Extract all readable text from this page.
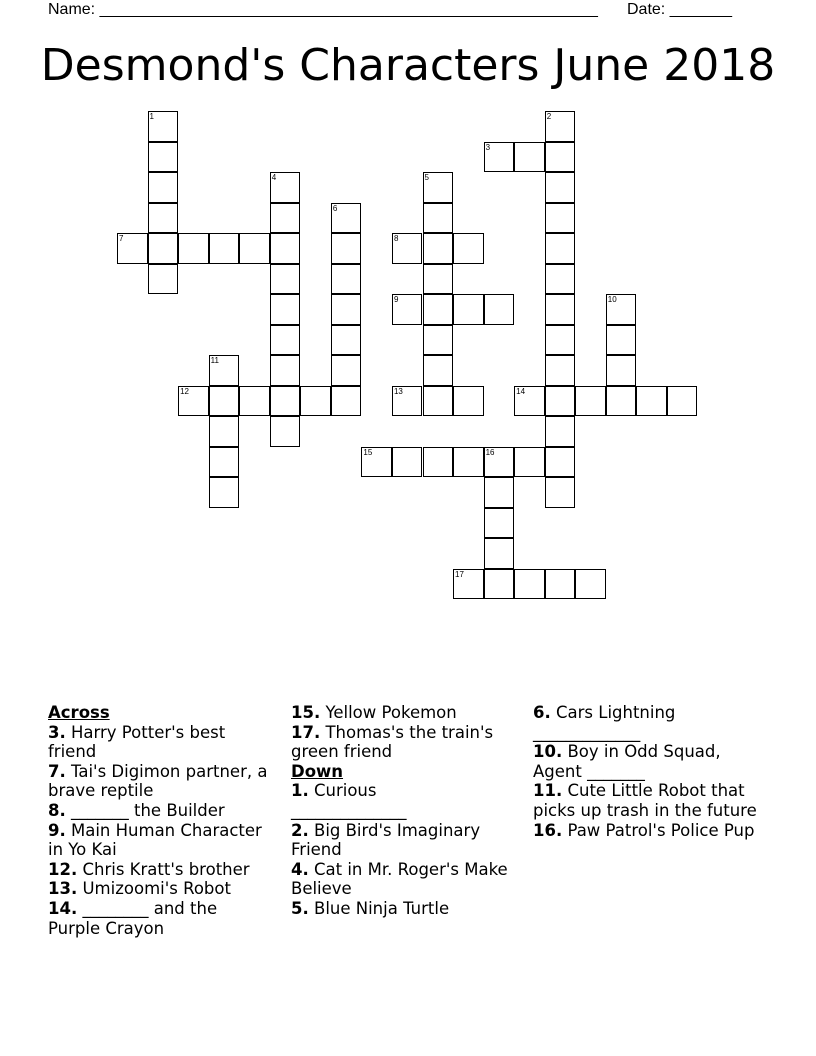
Name: ________________________________________________________ Date: _______
Desmond's Characters June 2018
1	2
3
4	5
6
7	8
9	10
11
12	13	14
15	16
17

Across

3. Harry Potter's best friend

7. Tai's Digimon partner, a brave reptile

8. _______ the Builder

9. Main Human Character in Yo Kai

12. Chris Kratt's brother

13. Umizoomi's Robot

14. ________ and the Purple Crayon

15. Yellow Pokemon

17. Thomas's the train's green friend

Down

1. Curious
______________

2. Big Bird's Imaginary Friend

4. Cat in Mr. Roger's Make Believe

5. Blue Ninja Turtle

6. Cars Lightning
_____________

10. Boy in Odd Squad, Agent _______

11. Cute Little Robot that picks up trash in the future

16. Paw Patrol's Police Pup
